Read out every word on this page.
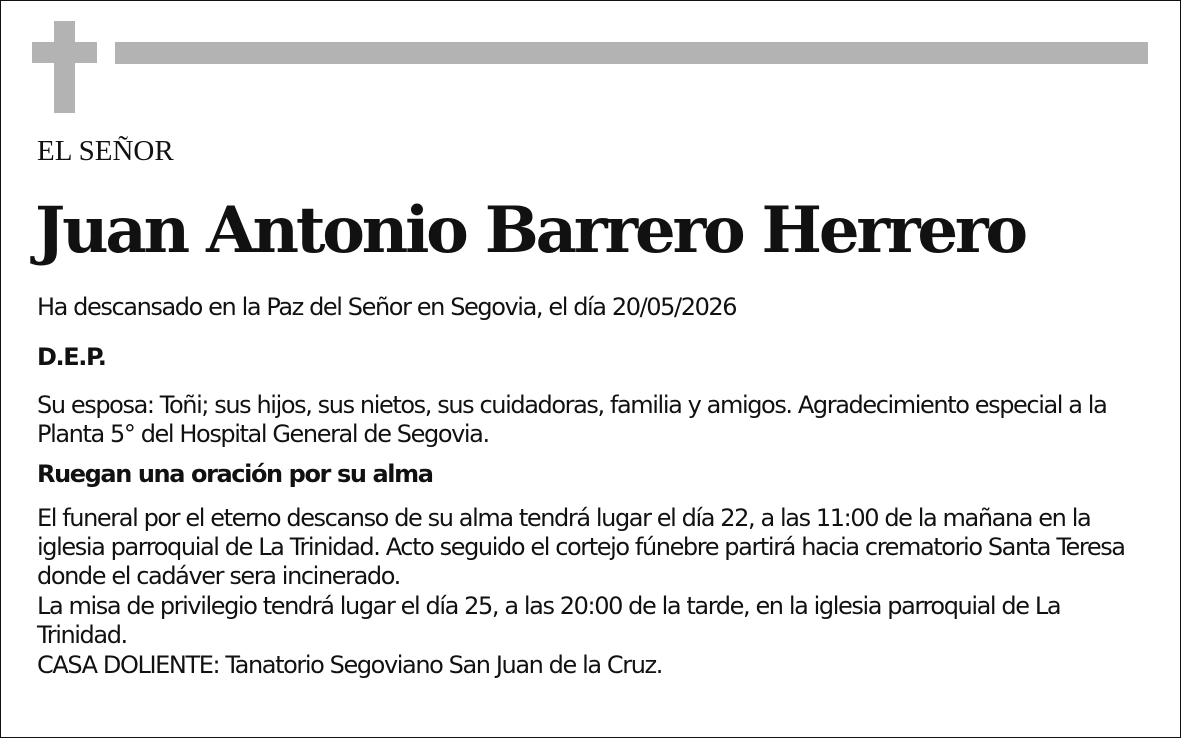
EL SEÑOR
Juan Antonio Barrero Herrero
Ha descansado en la Paz del Señor en Segovia, el día 20/05/2026
D.E.P.

Su esposa: Toñi; sus hijos, sus nietos, sus cuidadoras, familia y amigos. Agradecimiento especial a la Planta 5° del Hospital General de Segovia.

Ruegan una oración por su alma

El funeral por el eterno descanso de su alma tendrá lugar el día 22, a las 11:00 de la mañana en la iglesia parroquial de La Trinidad. Acto seguido el cortejo fúnebre partirá hacia crematorio Santa Teresa donde el cadáver sera incinerado.

La misa de privilegio tendrá lugar el día 25, a las 20:00 de la tarde, en la iglesia parroquial de La Trinidad.

CASA DOLIENTE: Tanatorio Segoviano San Juan de la Cruz.
